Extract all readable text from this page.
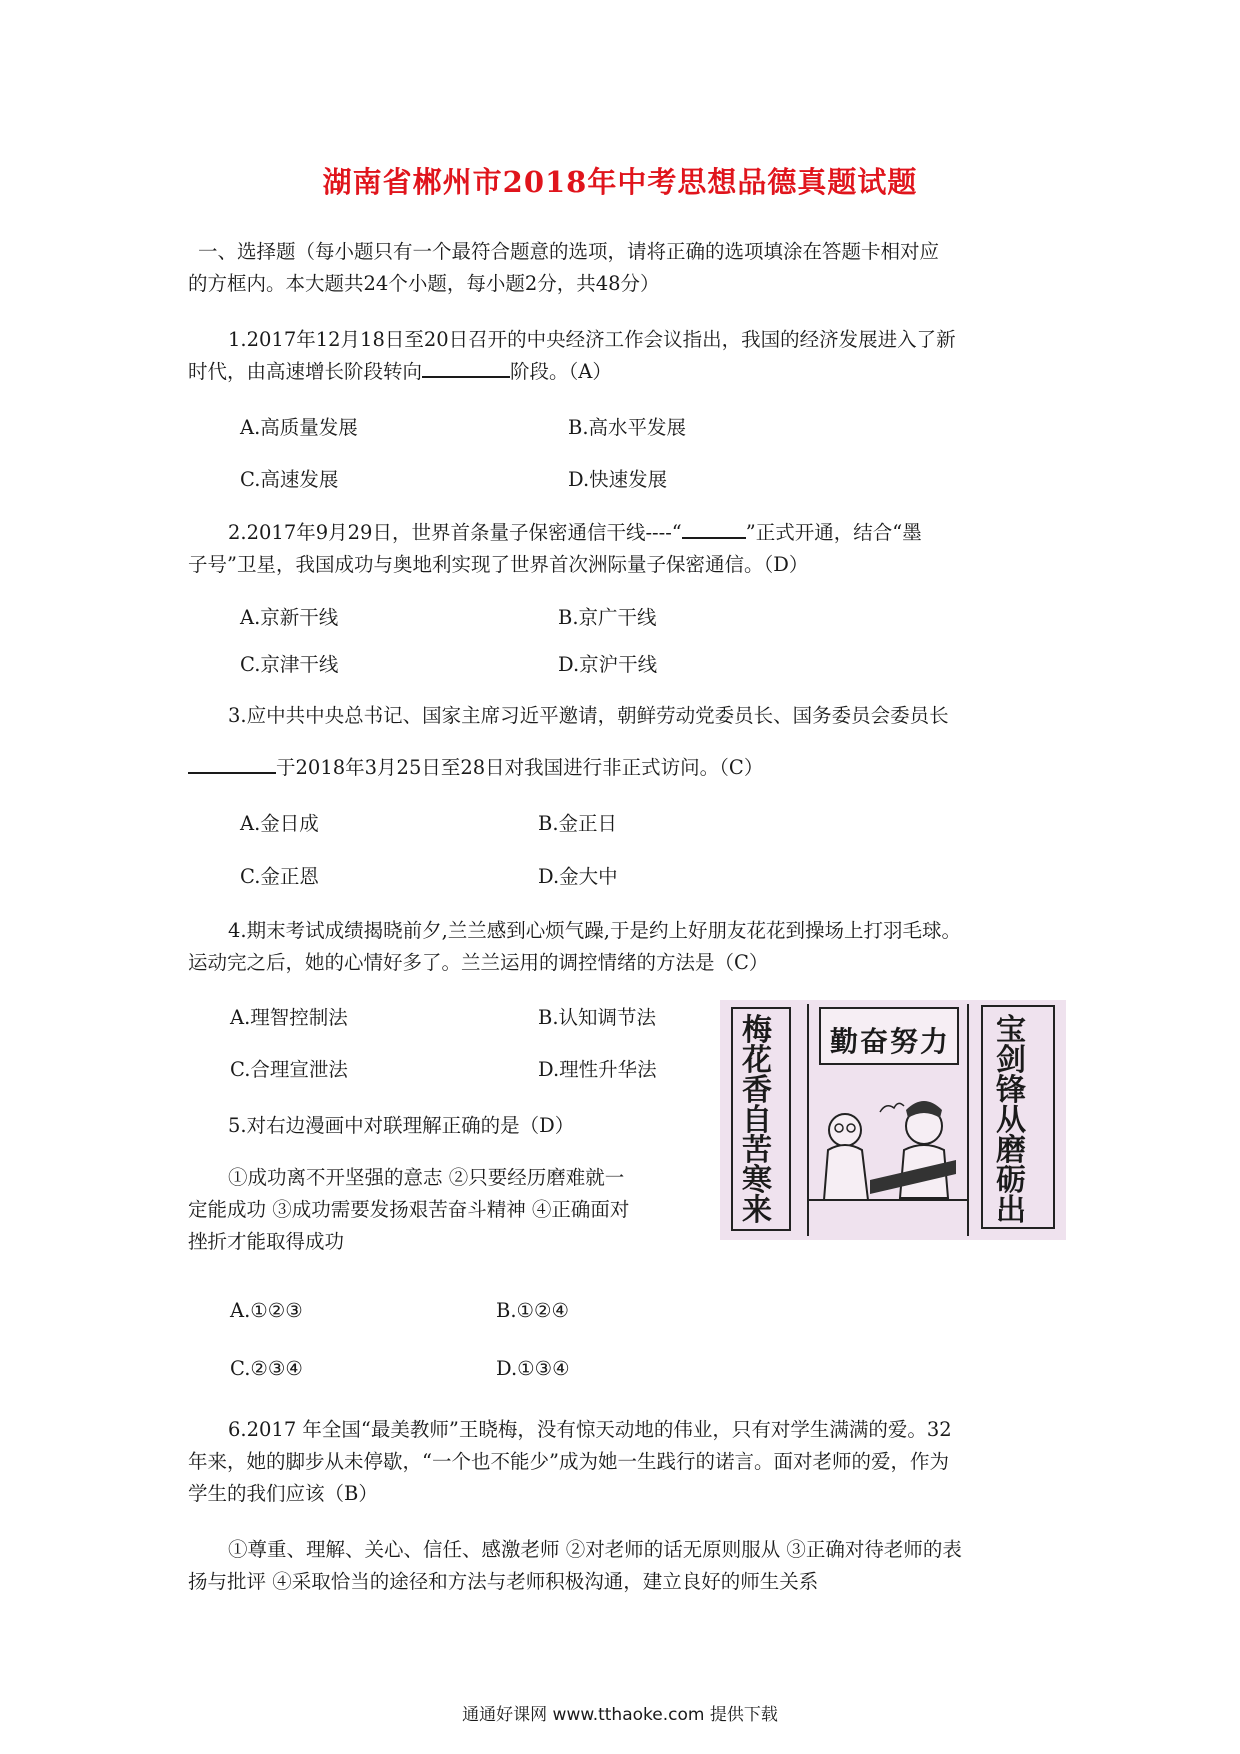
湖南省郴州市2018年中考思想品德真题试题
一、选择题（每小题只有一个最符合题意的选项，请将正确的选项填涂在答题卡相对应
的方框内。本大题共24个小题，每小题2分，共48分）
1.2017年12月18日至20日召开的中央经济工作会议指出，我国的经济发展进入了新
时代，由高速增长阶段转向	阶段。（A）
A.高质量发展	B.高水平发展
C.高速发展	D.快速发展
2.2017年9月29日，世界首条量子保密通信干线----“	”正式开通，结合“墨
子号”卫星，我国成功与奥地利实现了世界首次洲际量子保密通信。（D）
A.京新干线	B.京广干线
C.京津干线	D.京沪干线
3.应中共中央总书记、国家主席习近平邀请，朝鲜劳动党委员长、国务委员会委员长
于2018年3月25日至28日对我国进行非正式访问。（C）
A.金日成	B.金正日
C.金正恩	D.金大中
4.期末考试成绩揭晓前夕,兰兰感到心烦气躁,于是约上好朋友花花到操场上打羽毛球。
运动完之后，她的心情好多了。兰兰运用的调控情绪的方法是（C）
A.理智控制法	B.认知调节法
C.合理宣泄法	D.理性升华法
5.对右边漫画中对联理解正确的是（D）
①成功离不开坚强的意志 ②只要经历磨难就一
定能成功 ③成功需要发扬艰苦奋斗精神 ④正确面对
挫折才能取得成功
A.①②③	B.①②④
C.②③④	D.①③④
勤奋努力
梅花香自苦寒来
宝剑锋从磨砺出
6.2017 年全国“最美教师”王晓梅，没有惊天动地的伟业，只有对学生满满的爱。32
年来，她的脚步从未停歇，“一个也不能少”成为她一生践行的诺言。面对老师的爱，作为
学生的我们应该（B）
①尊重、理解、关心、信任、感激老师 ②对老师的话无原则服从 ③正确对待老师的表
扬与批评 ④采取恰当的途径和方法与老师积极沟通，建立良好的师生关系
通通好课网 www.tthaoke.com 提供下载
